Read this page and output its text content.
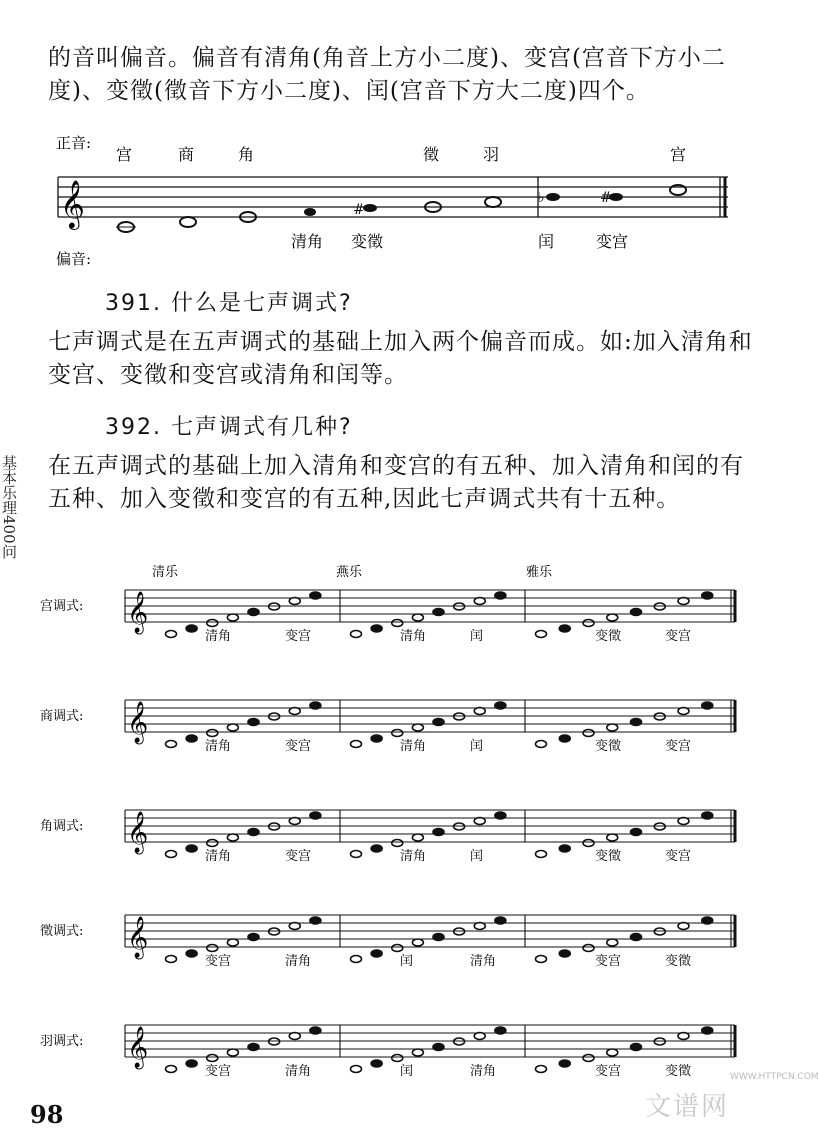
的音叫偏音。偏音有清角(角音上方小二度)、变宫(宫音下方小二度)、变徵(徵音下方小二度)、闰(宫音下方大二度)四个。
𝄞	#
♭	#
正音:
偏音:
宫	商	角	徵	羽	宫
清角 变徵	闰	变宫
391. 什么是七声调式?
七声调式是在五声调式的基础上加入两个偏音而成。如:加入清角和变宫、变徵和变宫或清角和闰等。
392. 七声调式有几种?
在五声调式的基础上加入清角和变宫的有五种、加入清角和闰的有五种、加入变徵和变宫的有五种,因此七声调式共有十五种。
清乐	燕乐	雅乐
𝄞
宫调式:
清角	变宫	清角	闰	变徵	变宫
𝄞
商调式:
清角	变宫	清角	闰	变徵	变宫
𝄞
角调式:
清角	变宫	清角	闰	变徵	变宫
𝄞
徵调式:
变宫	清角	闰	清角	变宫	变徵
𝄞
羽调式:
变宫	清角	闰	清角	变宫	变徵
基本乐理400问
98	文谱网
WWW.HTTPCN.COM
